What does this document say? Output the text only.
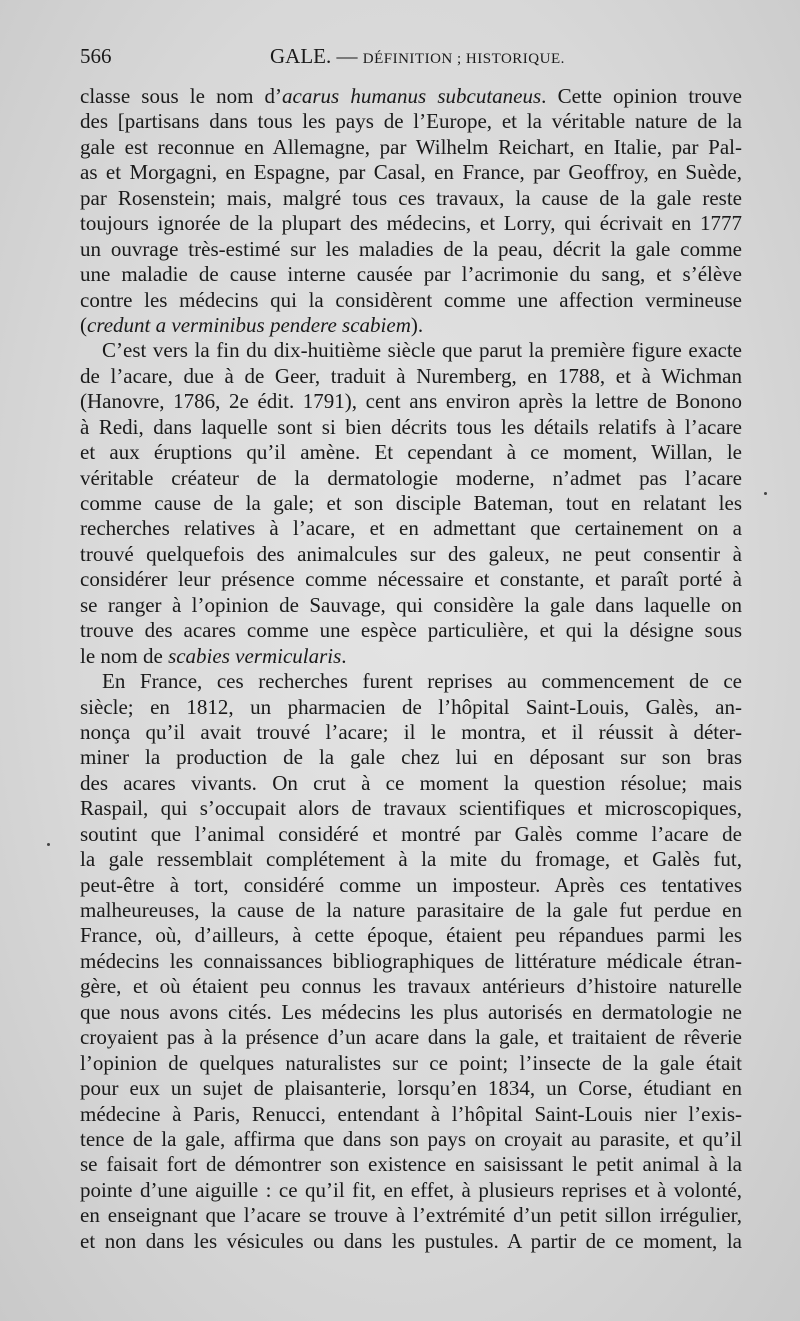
566	GALE. — DÉFINITION ; HISTORIQUE.
classe sous le nom d’acarus humanus subcutaneus. Cette opinion trouve
des [partisans dans tous les pays de l’Europe, et la véritable nature de la
gale est reconnue en Allemagne, par Wilhelm Reichart, en Italie, par Pal-
as et Morgagni, en Espagne, par Casal, en France, par Geoffroy, en Suède,
par Rosenstein; mais, malgré tous ces travaux, la cause de la gale reste
toujours ignorée de la plupart des médecins, et Lorry, qui écrivait en 1777
un ouvrage très-estimé sur les maladies de la peau, décrit la gale comme
une maladie de cause interne causée par l’acrimonie du sang, et s’élève
contre les médecins qui la considèrent comme une affection vermineuse
(credunt a verminibus pendere scabiem).
C’est vers la fin du dix-huitième siècle que parut la première figure exacte
de l’acare, due à de Geer, traduit à Nuremberg, en 1788, et à Wichman
(Hanovre, 1786, 2e édit. 1791), cent ans environ après la lettre de Bonono
à Redi, dans laquelle sont si bien décrits tous les détails relatifs à l’acare
et aux éruptions qu’il amène. Et cependant à ce moment, Willan, le
véritable créateur de la dermatologie moderne, n’admet pas l’acare
comme cause de la gale; et son disciple Bateman, tout en relatant les
recherches relatives à l’acare, et en admettant que certainement on a
trouvé quelquefois des animalcules sur des galeux, ne peut consentir à
considérer leur présence comme nécessaire et constante, et paraît porté à
se ranger à l’opinion de Sauvage, qui considère la gale dans laquelle on
trouve des acares comme une espèce particulière, et qui la désigne sous
le nom de scabies vermicularis.
En France, ces recherches furent reprises au commencement de ce
siècle; en 1812, un pharmacien de l’hôpital Saint-Louis, Galès, an-
nonça qu’il avait trouvé l’acare; il le montra, et il réussit à déter-
miner la production de la gale chez lui en déposant sur son bras
des acares vivants. On crut à ce moment la question résolue; mais
Raspail, qui s’occupait alors de travaux scientifiques et microscopiques,
soutint que l’animal considéré et montré par Galès comme l’acare de
la gale ressemblait complétement à la mite du fromage, et Galès fut,
peut-être à tort, considéré comme un imposteur. Après ces tentatives
malheureuses, la cause de la nature parasitaire de la gale fut perdue en
France, où, d’ailleurs, à cette époque, étaient peu répandues parmi les
médecins les connaissances bibliographiques de littérature médicale étran-
gère, et où étaient peu connus les travaux antérieurs d’histoire naturelle
que nous avons cités. Les médecins les plus autorisés en dermatologie ne
croyaient pas à la présence d’un acare dans la gale, et traitaient de rêverie
l’opinion de quelques naturalistes sur ce point; l’insecte de la gale était
pour eux un sujet de plaisanterie, lorsqu’en 1834, un Corse, étudiant en
médecine à Paris, Renucci, entendant à l’hôpital Saint-Louis nier l’exis-
tence de la gale, affirma que dans son pays on croyait au parasite, et qu’il
se faisait fort de démontrer son existence en saisissant le petit animal à la
pointe d’une aiguille : ce qu’il fit, en effet, à plusieurs reprises et à volonté,
en enseignant que l’acare se trouve à l’extrémité d’un petit sillon irrégulier,
et non dans les vésicules ou dans les pustules. A partir de ce moment, la
